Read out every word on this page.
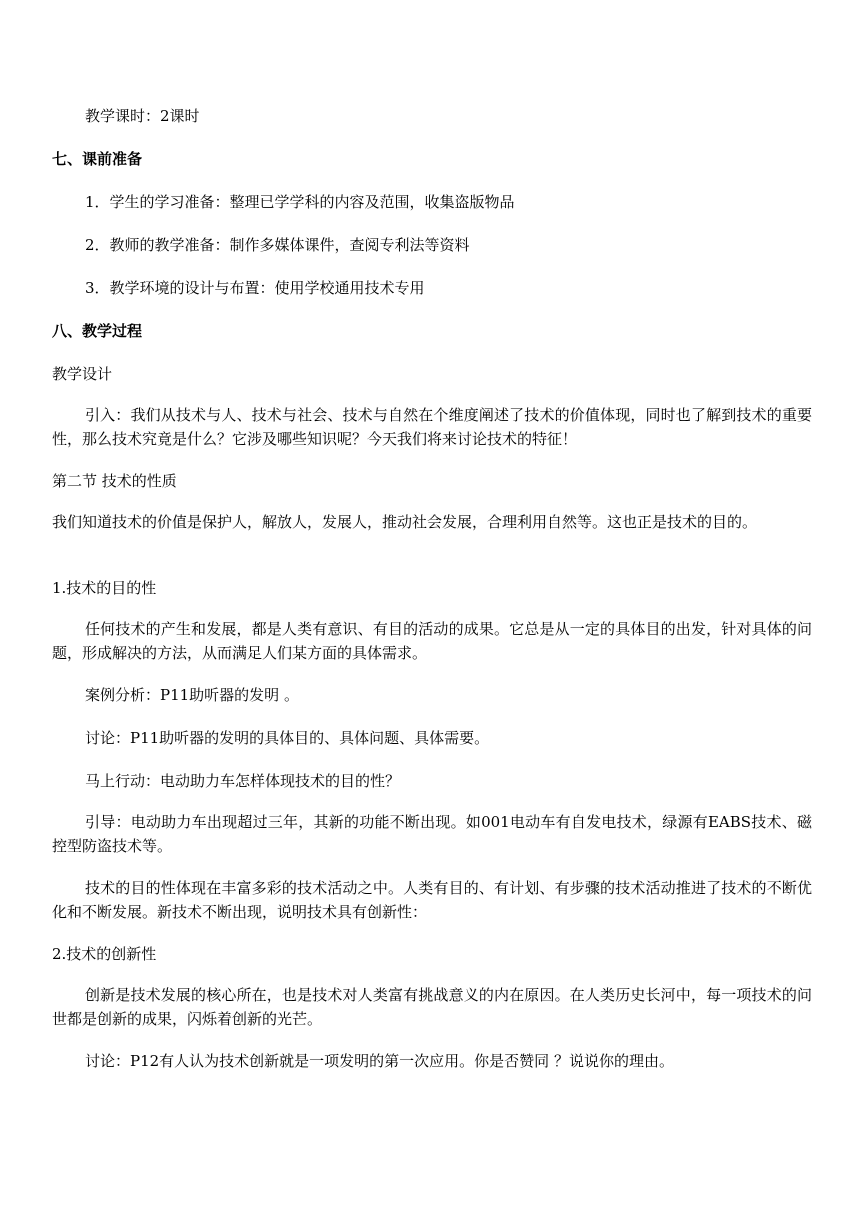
教学课时：2课时

七、课前准备

1．学生的学习准备：整理已学学科的内容及范围，收集盗版物品

2．教师的教学准备：制作多媒体课件，查阅专利法等资料

3．教学环境的设计与布置：使用学校通用技术专用

八、教学过程

教学设计

引入：我们从技术与人、技术与社会、技术与自然在个维度阐述了技术的价值体现，同时也了解到技术的重要性，那么技术究竟是什么？它涉及哪些知识呢？今天我们将来讨论技术的特征！

第二节 技术的性质

我们知道技术的价值是保护人，解放人，发展人，推动社会发展，合理利用自然等。这也正是技术的目的。

1.技术的目的性

任何技术的产生和发展，都是人类有意识、有目的活动的成果。它总是从一定的具体目的出发，针对具体的问题，形成解决的方法，从而满足人们某方面的具体需求。

案例分析：P11助听器的发明 。

讨论：P11助听器的发明的具体目的、具体问题、具体需要。

马上行动：电动助力车怎样体现技术的目的性？

引导：电动助力车出现超过三年，其新的功能不断出现。如001电动车有自发电技术，绿源有EABS技术、磁控型防盗技术等。

技术的目的性体现在丰富多彩的技术活动之中。人类有目的、有计划、有步骤的技术活动推进了技术的不断优化和不断发展。新技术不断出现，说明技术具有创新性：

2.技术的创新性

创新是技术发展的核心所在，也是技术对人类富有挑战意义的内在原因。在人类历史长河中，每一项技术的问世都是创新的成果，闪烁着创新的光芒。

讨论：P12有人认为技术创新就是一项发明的第一次应用。你是否赞同 ？说说你的理由。
